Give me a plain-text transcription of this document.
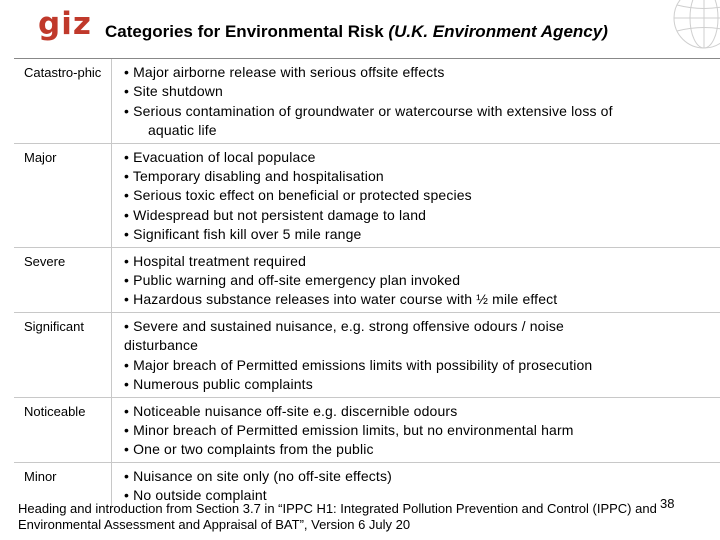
giz Categories for Environmental Risk (U.K. Environment Agency)
Catastro-phic	• Major airborne release with serious offsite effects
• Site shutdown
• Serious contamination of groundwater or watercourse with extensive loss of
aquatic life
Major	• Evacuation of local populace
• Temporary disabling and hospitalisation
• Serious toxic effect on beneficial or protected species
• Widespread but not persistent damage to land
• Significant fish kill over 5 mile range
Severe	• Hospital treatment required
• Public warning and off-site emergency plan invoked
• Hazardous substance releases into water course with ½ mile effect
Significant	• Severe and sustained nuisance, e.g. strong offensive odours / noise
disturbance
• Major breach of Permitted emissions limits with possibility of prosecution
• Numerous public complaints
Noticeable	• Noticeable nuisance off-site e.g. discernible odours
• Minor breach of Permitted emission limits, but no environmental harm
• One or two complaints from the public
Minor	• Nuisance on site only (no off-site effects)
• No outside complaint
38
Heading and introduction from Section 3.7 in “IPPC H1: Integrated Pollution Prevention and Control (IPPC) and Environmental Assessment and Appraisal of BAT”, Version 6 July 20
